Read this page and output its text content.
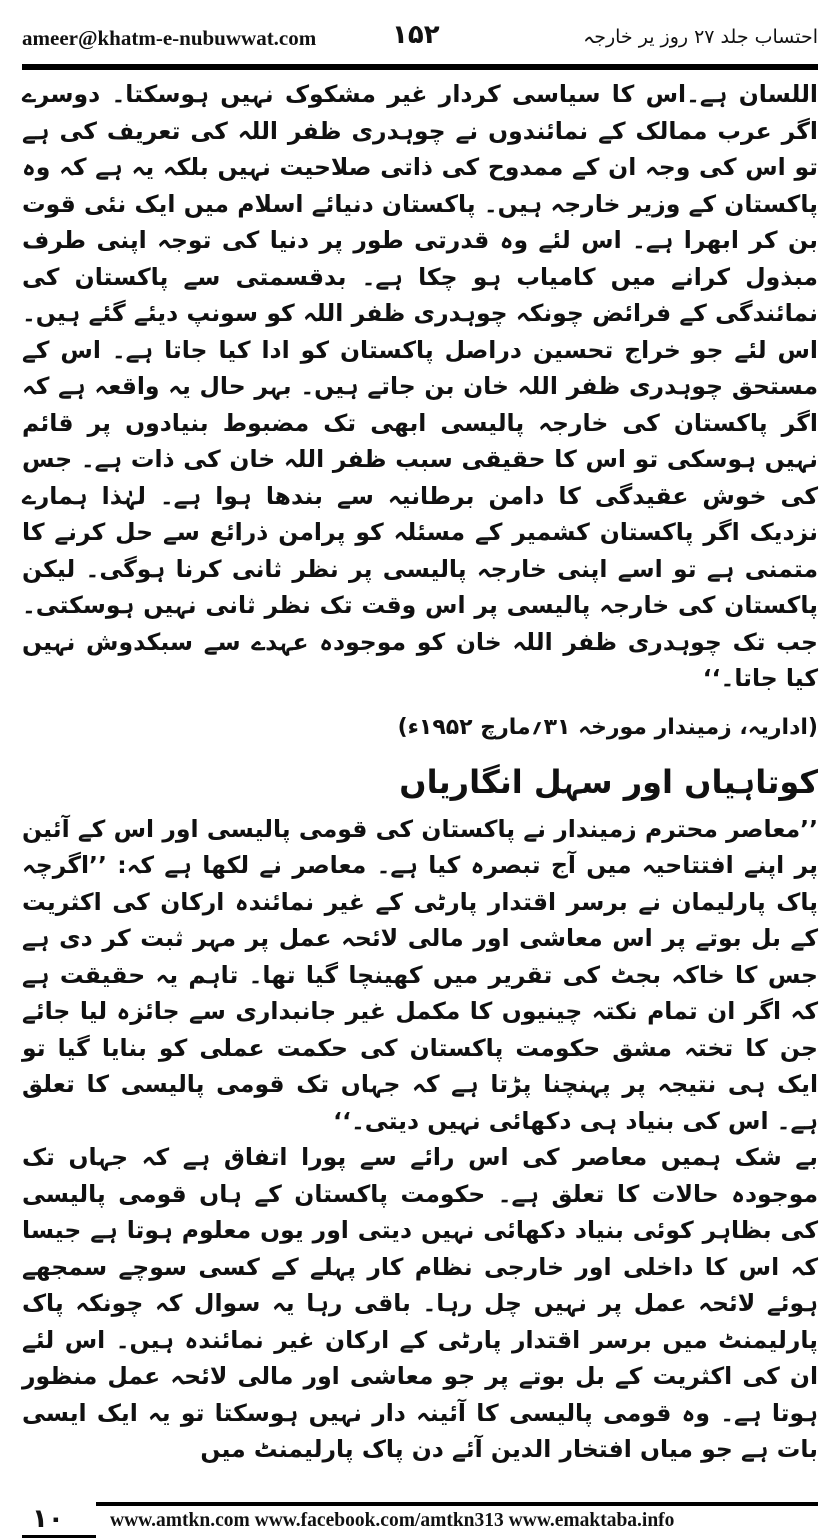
ameer@khatm-e-nubuwwat.com	۱۵۲	احتساب جلد ۲۷ روز یر خارجہ

اللسان ہے۔اس کا سیاسی کردار غیر مشکوک نہیں ہوسکتا۔ دوسرے اگر عرب ممالک کے نمائندوں نے چوہدری ظفر اللہ کی تعریف کی ہے تو اس کی وجہ ان کے ممدوح کی ذاتی صلاحیت نہیں بلکہ یہ ہے کہ وہ پاکستان کے وزیر خارجہ ہیں۔ پاکستان دنیائے اسلام میں ایک نئی قوت بن کر ابھرا ہے۔ اس لئے وہ قدرتی طور پر دنیا کی توجہ اپنی طرف مبذول کرانے میں کامیاب ہو چکا ہے۔ بدقسمتی سے پاکستان کی نمائندگی کے فرائض چونکہ چوہدری ظفر اللہ کو سونپ دیئے گئے ہیں۔ اس لئے جو خراج تحسین دراصل پاکستان کو ادا کیا جاتا ہے۔ اس کے مستحق چوہدری ظفر اللہ خان بن جاتے ہیں۔ بہر حال یہ واقعہ ہے کہ اگر پاکستان کی خارجہ پالیسی ابھی تک مضبوط بنیادوں پر قائم نہیں ہوسکی تو اس کا حقیقی سبب ظفر اللہ خان کی ذات ہے۔ جس کی خوش عقیدگی کا دامن برطانیہ سے بندھا ہوا ہے۔ لہٰذا ہمارے نزدیک اگر پاکستان کشمیر کے مسئلہ کو پرامن ذرائع سے حل کرنے کا متمنی ہے تو اسے اپنی خارجہ پالیسی پر نظر ثانی کرنا ہوگی۔ لیکن پاکستان کی خارجہ پالیسی پر اس وقت تک نظر ثانی نہیں ہوسکتی۔ جب تک چوہدری ظفر اللہ خان کو موجودہ عہدے سے سبکدوش نہیں کیا جاتا۔‘‘

(اداریہ، زمیندار مورخہ ۳۱؍مارچ ۱۹۵۲ء)

کوتاہیاں اور سہل انگاریاں

’’معاصر محترم زمیندار نے پاکستان کی قومی پالیسی اور اس کے آئین پر اپنے افتتاحیہ میں آج تبصرہ کیا ہے۔ معاصر نے لکھا ہے کہ: ’’اگرچہ پاک پارلیمان نے برسر اقتدار پارٹی کے غیر نمائندہ ارکان کی اکثریت کے بل بوتے پر اس معاشی اور مالی لائحہ عمل پر مہر ثبت کر دی ہے جس کا خاکہ بجٹ کی تقریر میں کھینچا گیا تھا۔ تاہم یہ حقیقت ہے کہ اگر ان تمام نکتہ چینیوں کا مکمل غیر جانبداری سے جائزہ لیا جائے جن کا تختہ مشق حکومت پاکستان کی حکمت عملی کو بنایا گیا تو ایک ہی نتیجہ پر پہنچنا پڑتا ہے کہ جہاں تک قومی پالیسی کا تعلق ہے۔ اس کی بنیاد ہی دکھائی نہیں دیتی۔‘‘

بے شک ہمیں معاصر کی اس رائے سے پورا اتفاق ہے کہ جہاں تک موجودہ حالات کا تعلق ہے۔ حکومت پاکستان کے ہاں قومی پالیسی کی بظاہر کوئی بنیاد دکھائی نہیں دیتی اور یوں معلوم ہوتا ہے جیسا کہ اس کا داخلی اور خارجی نظام کار پہلے کے کسی سوچے سمجھے ہوئے لائحہ عمل پر نہیں چل رہا۔ باقی رہا یہ سوال کہ چونکہ پاک پارلیمنٹ میں برسر اقتدار پارٹی کے ارکان غیر نمائندہ ہیں۔ اس لئے ان کی اکثریت کے بل بوتے پر جو معاشی اور مالی لائحہ عمل منظور ہوتا ہے۔ وہ قومی پالیسی کا آئینہ دار نہیں ہوسکتا تو یہ ایک ایسی بات ہے جو میاں افتخار الدین آئے دن پاک پارلیمنٹ میں

۱۰ www.amtkn.com www.facebook.com/amtkn313 www.emaktaba.info
